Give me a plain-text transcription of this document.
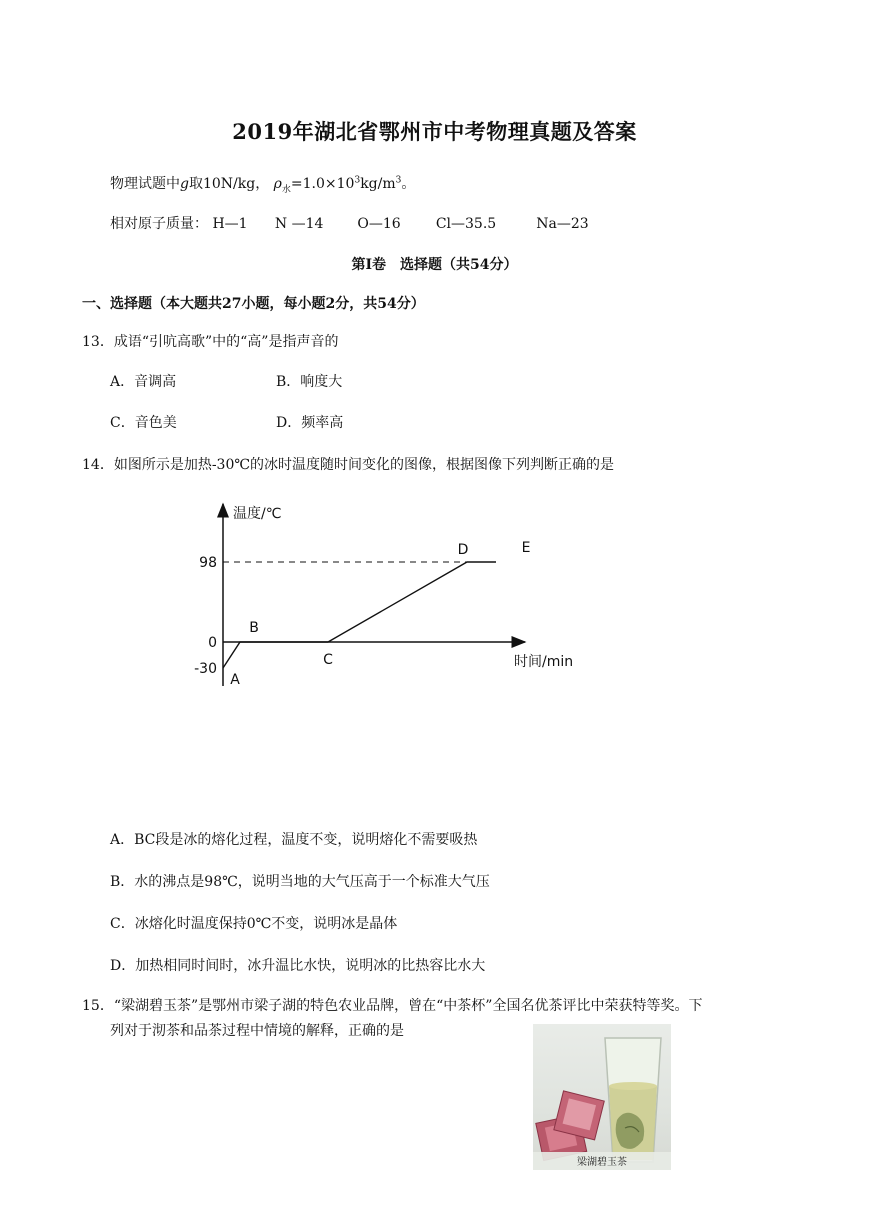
2019年湖北省鄂州市中考物理真题及答案
物理试题中g取10N/kg， $\rho_水=1.0\times 10^3kg/m^3$。
相对原子质量： H—1 N —14 O—16	Cl—35.5	Na—23
第Ⅰ卷　选择题（共54分）
一、选择题（本大题共27小题，每小题2分，共54分）
13．成语“引吭高歌”中的“高”是指声音的
A．音调高	B．响度大
C．音色美	D．频率高
14．如图所示是加热-30℃的冰时温度随时间变化的图像，根据图像下列判断正确的是
温度/℃
时间/min
98
0
-30
A
B
C
D	E
A．BC段是冰的熔化过程，温度不变，说明熔化不需要吸热
B．水的沸点是98℃，说明当地的大气压高于一个标准大气压
C．冰熔化时温度保持0℃不变，说明冰是晶体
D．加热相同时间时，冰升温比水快，说明冰的比热容比水大
15．“梁湖碧玉茶”是鄂州市梁子湖的特色农业品牌，曾在“中茶杯”全国名优茶评比中荣获特等奖。下
列对于沏茶和品茶过程中情境的解释，正确的是
梁湖碧玉茶
